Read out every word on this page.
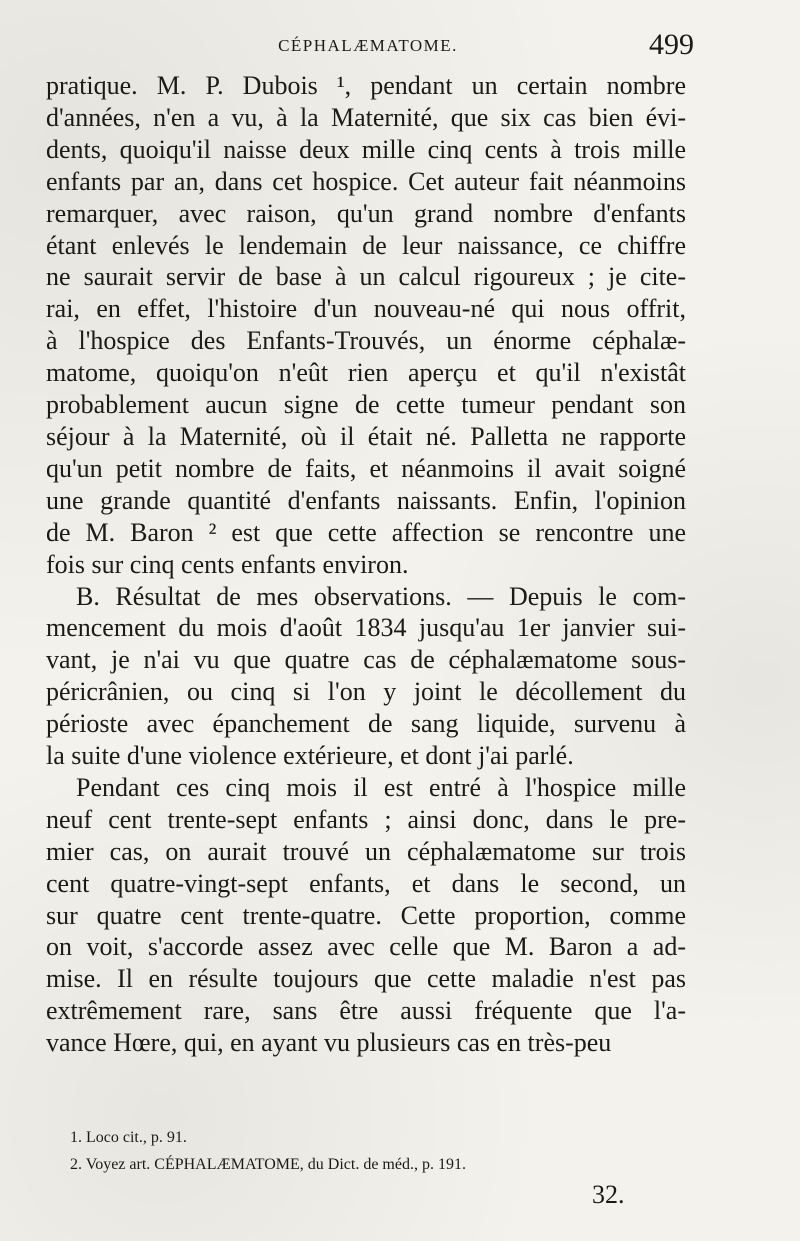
CÉPHALÆMATOME.	499
pratique. M. P. Dubois ¹, pendant un certain nombre
d'années, n'en a vu, à la Maternité, que six cas bien évi-
dents, quoiqu'il naisse deux mille cinq cents à trois mille
enfants par an, dans cet hospice. Cet auteur fait néanmoins
remarquer, avec raison, qu'un grand nombre d'enfants
étant enlevés le lendemain de leur naissance, ce chiffre
ne saurait servir de base à un calcul rigoureux ; je cite-
rai, en effet, l'histoire d'un nouveau-né qui nous offrit,
à l'hospice des Enfants-Trouvés, un énorme céphalæ-
matome, quoiqu'on n'eût rien aperçu et qu'il n'existât
probablement aucun signe de cette tumeur pendant son
séjour à la Maternité, où il était né. Palletta ne rapporte
qu'un petit nombre de faits, et néanmoins il avait soigné
une grande quantité d'enfants naissants. Enfin, l'opinion
de M. Baron ² est que cette affection se rencontre une
fois sur cinq cents enfants environ.
B. Résultat de mes observations. — Depuis le com-
mencement du mois d'août 1834 jusqu'au 1er janvier sui-
vant, je n'ai vu que quatre cas de céphalæmatome sous-
péricrânien, ou cinq si l'on y joint le décollement du
périoste avec épanchement de sang liquide, survenu à
la suite d'une violence extérieure, et dont j'ai parlé.
Pendant ces cinq mois il est entré à l'hospice mille
neuf cent trente-sept enfants ; ainsi donc, dans le pre-
mier cas, on aurait trouvé un céphalæmatome sur trois
cent quatre-vingt-sept enfants, et dans le second, un
sur quatre cent trente-quatre. Cette proportion, comme
on voit, s'accorde assez avec celle que M. Baron a ad-
mise. Il en résulte toujours que cette maladie n'est pas
extrêmement rare, sans être aussi fréquente que l'a-
vance Hœre, qui, en ayant vu plusieurs cas en très-peu
1. Loco cit., p. 91.
2. Voyez art. CÉPHALÆMATOME, du Dict. de méd., p. 191.
32.
